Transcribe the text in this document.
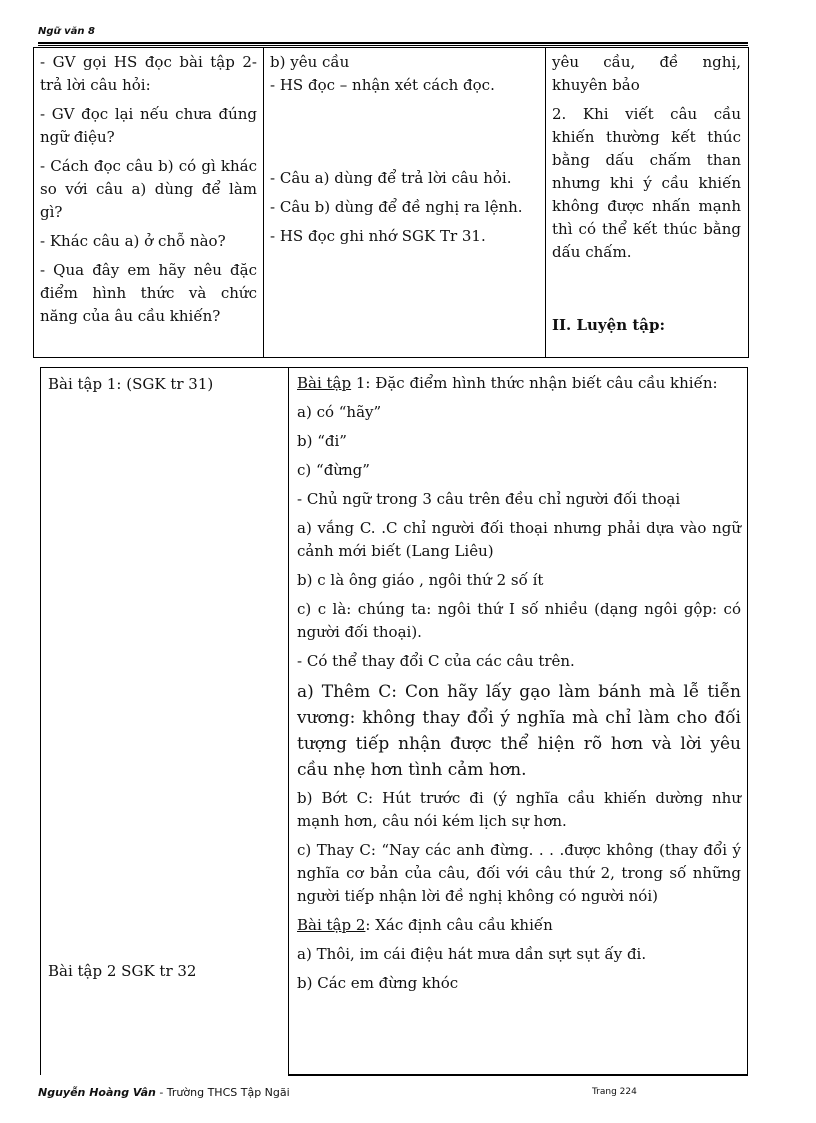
Ngữ văn 8

- GV gọi HS đọc bài tập 2- trả lời câu hỏi:

- GV đọc lại nếu chưa đúng ngữ điệu?

- Cách đọc câu b) có gì khác so với câu a) dùng để làm gì?

- Khác câu a) ở chỗ nào?

- Qua đây em hãy nêu đặc điểm hình thức và chức năng của âu cầu khiến?

b) yêu cầu

- HS đọc – nhận xét cách đọc.

- Câu a) dùng để trả lời câu hỏi.

- Câu b) dùng để đề nghị ra lệnh.

- HS đọc ghi nhớ SGK Tr 31.

yêu cầu, đề nghị, khuyên bảo

2. Khi viết câu cầu khiến thường kết thúc bằng dấu chấm than nhưng khi ý cầu khiến không được nhấn mạnh thì có thể kết thúc bằng dấu chấm.

II. Luyện tập:

Bài tập 1: (SGK tr 31)
Bài tập 2 SGK tr 32

Bài tập 1: Đặc điểm hình thức nhận biết câu cầu khiến:

a) có “hãy”

b) “đi”

c) “đừng”

- Chủ ngữ trong 3 câu trên đều chỉ người đối thoại

a) vắng C. .C chỉ người đối thoại nhưng phải dựa vào ngữ cảnh mới biết (Lang Liêu)

b) c là ông giáo , ngôi thứ 2 số ít

c) c là: chúng ta: ngôi thứ I số nhiều (dạng ngôi gộp: có người đối thoại).

- Có thể thay đổi C của các câu trên.

a) Thêm C: Con hãy lấy gạo làm bánh mà lễ tiễn vương: không thay đổi ý nghĩa mà chỉ làm cho đối tượng tiếp nhận được thể hiện rõ hơn và lời yêu cầu nhẹ hơn tình cảm hơn.

b) Bớt C: Hút trước đi (ý nghĩa cầu khiến dường như mạnh hơn, câu nói kém lịch sự hơn.

c) Thay C: “Nay các anh đừng. . . .được không (thay đổi ý nghĩa cơ bản của câu, đối với câu thứ 2, trong số những người tiếp nhận lời đề nghị không có người nói)

Bài tập 2: Xác định câu cầu khiến

a) Thôi, im cái điệu hát mưa dần sựt sụt ấy đi.

b) Các em đừng khóc

Nguyễn Hoàng Vân - Trường THCS Tập Ngãi	Trang 224
